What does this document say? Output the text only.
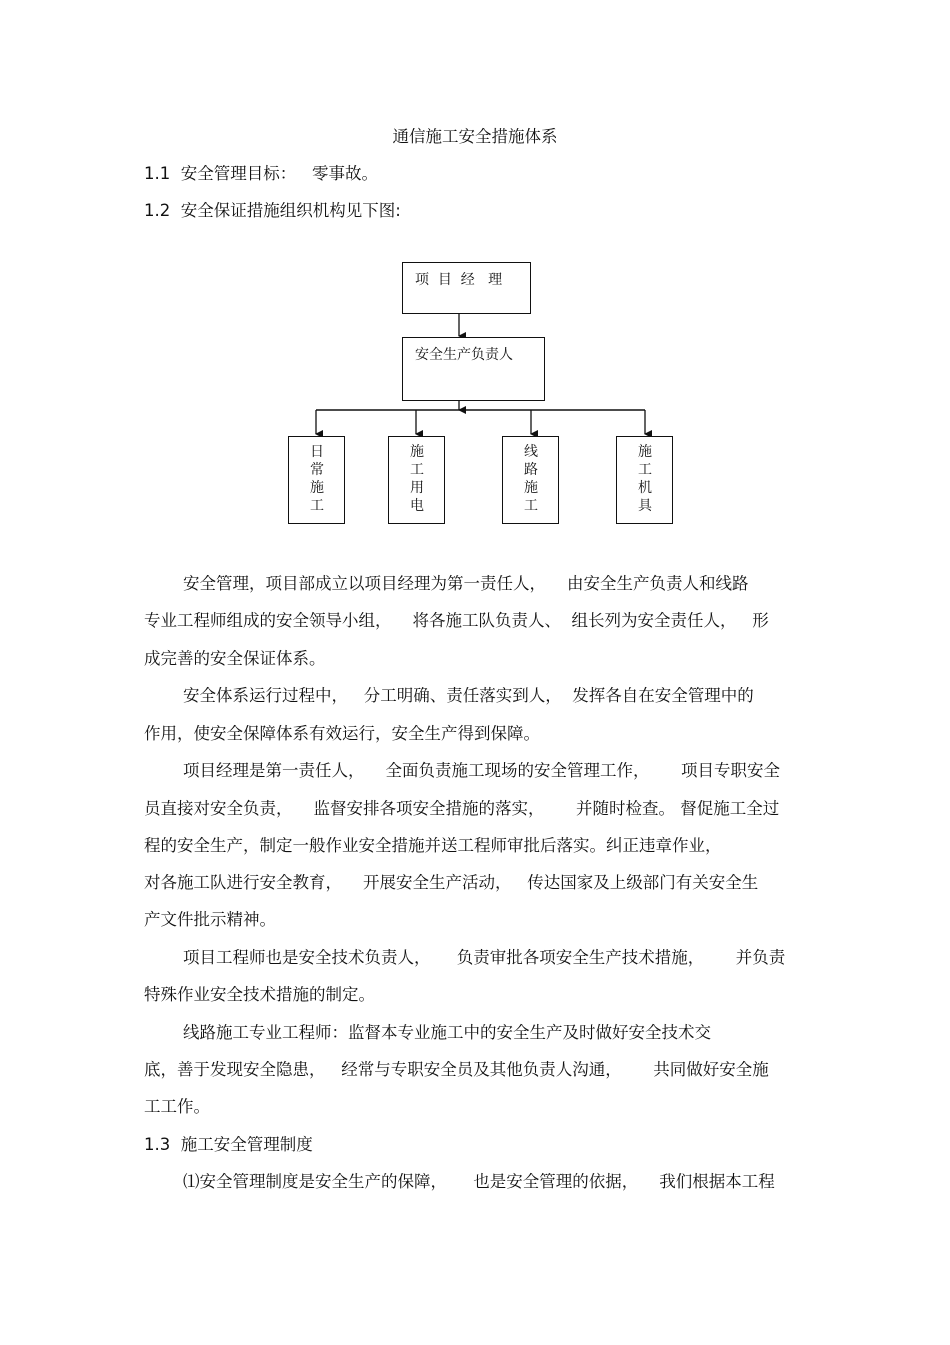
通信施工安全措施体系
1.1  安全管理目标：   零事故。
1.2  安全保证措施组织机构见下图:
项  目  经   理
安全生产负责人
日常施工
施工用电
线路施工
施工机具
安全管理，项目部成立以项目经理为第一责任人，    由安全生产负责人和线路
专业工程师组成的安全领导小组，    将各施工队负责人、  组长列为安全责任人，   形
成完善的安全保证体系。
安全体系运行过程中，   分工明确、责任落实到人，  发挥各自在安全管理中的
作用，使安全保障体系有效运行，安全生产得到保障。
项目经理是第一责任人，    全面负责施工现场的安全管理工作，      项目专职安全
员直接对安全负责，    监督安排各项安全措施的落实，      并随时检查。 督促施工全过
程的安全生产，制定一般作业安全措施并送工程师审批后落实。纠正违章作业，
对各施工队进行安全教育，    开展安全生产活动，   传达国家及上级部门有关安全生
产文件批示精神。
项目工程师也是安全技术负责人，     负责审批各项安全生产技术措施，      并负责
特殊作业安全技术措施的制定。
线路施工专业工程师：监督本专业施工中的安全生产及时做好安全技术交
底，善于发现安全隐患，   经常与专职安全员及其他负责人沟通，      共同做好安全施
工工作。
1.3  施工安全管理制度
⑴安全管理制度是安全生产的保障，     也是安全管理的依据，    我们根据本工程
